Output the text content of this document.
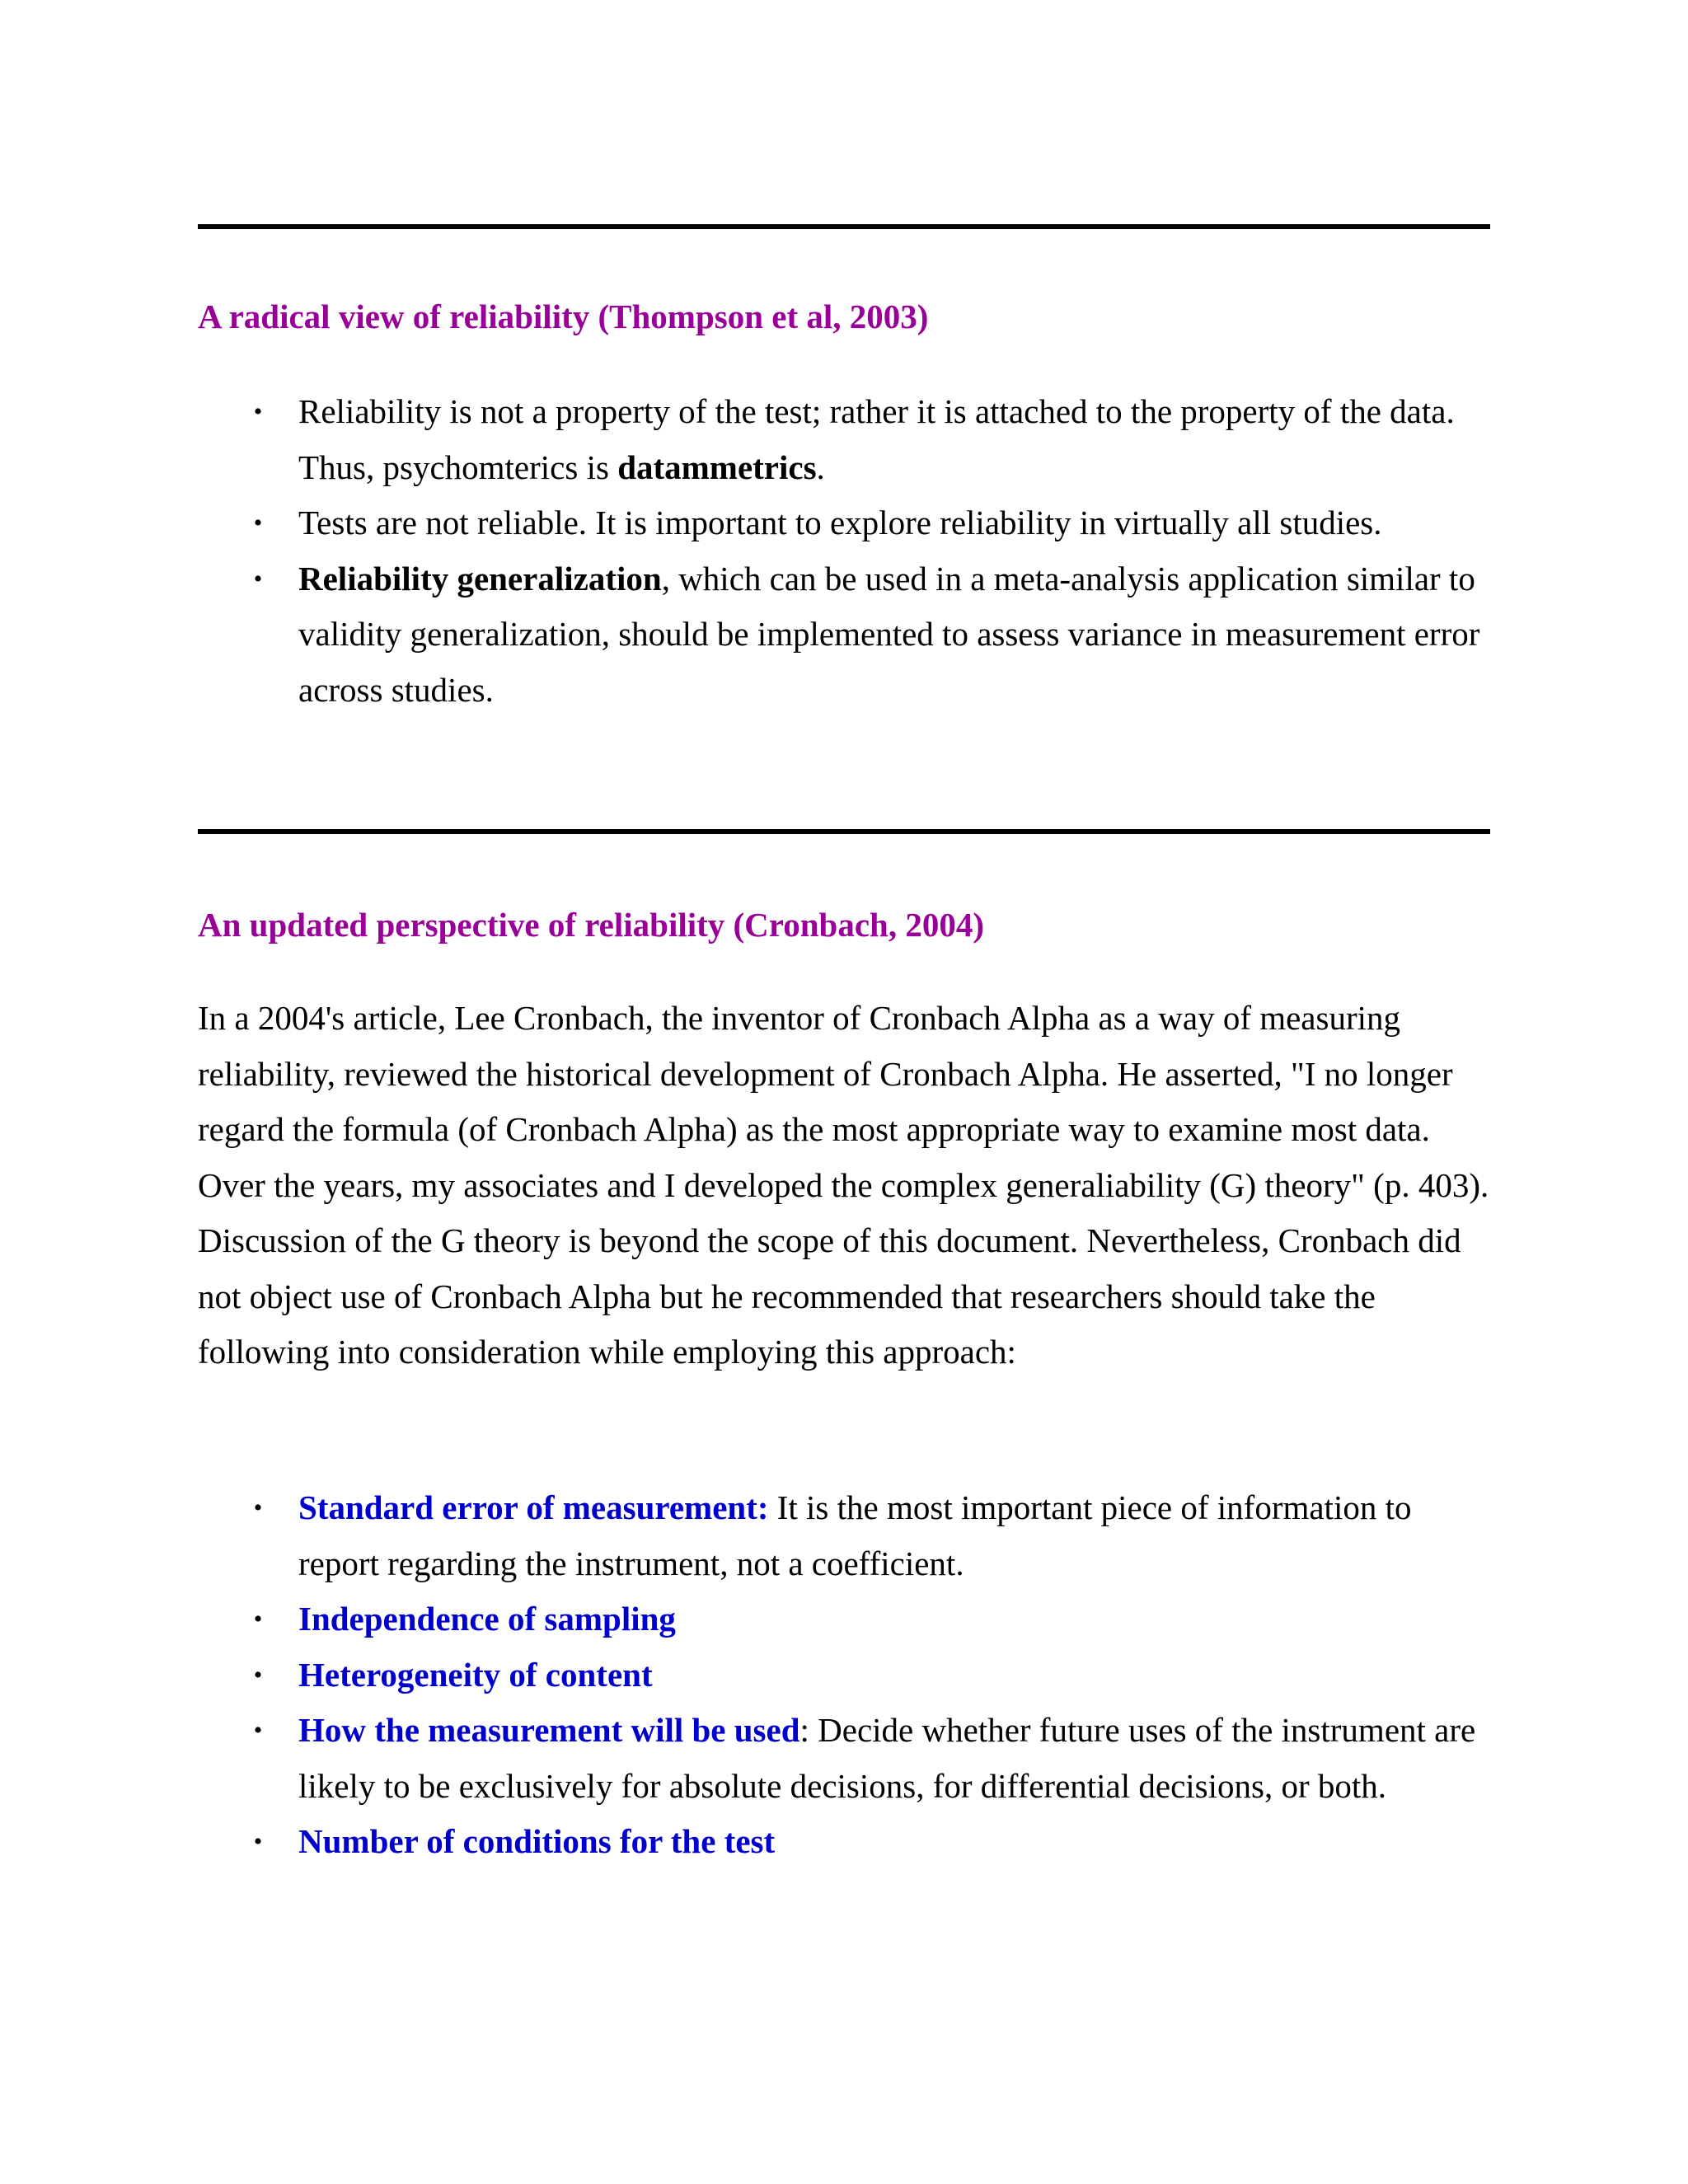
A radical view of reliability (Thompson et al, 2003)
• Reliability is not a property of the test; rather it is attached to the property of the data. Thus, psychomterics is datammetrics.
• Tests are not reliable. It is important to explore reliability in virtually all studies.
• Reliability generalization, which can be used in a meta-analysis application similar to validity generalization, should be implemented to assess variance in measurement error across studies.
An updated perspective of reliability (Cronbach, 2004)

In a 2004's article, Lee Cronbach, the inventor of Cronbach Alpha as a way of measuring reliability, reviewed the historical development of Cronbach Alpha. He asserted, "I no longer regard the formula (of Cronbach Alpha) as the most appropriate way to examine most data. Over the years, my associates and I developed the complex generaliability (G) theory" (p. 403). Discussion of the G theory is beyond the scope of this document. Nevertheless, Cronbach did not object use of Cronbach Alpha but he recommended that researchers should take the following into consideration while employing this approach:

• Standard error of measurement: It is the most important piece of information to report regarding the instrument, not a coefficient.
• Independence of sampling
• Heterogeneity of content
• How the measurement will be used: Decide whether future uses of the instrument are likely to be exclusively for absolute decisions, for differential decisions, or both.
• Number of conditions for the test
